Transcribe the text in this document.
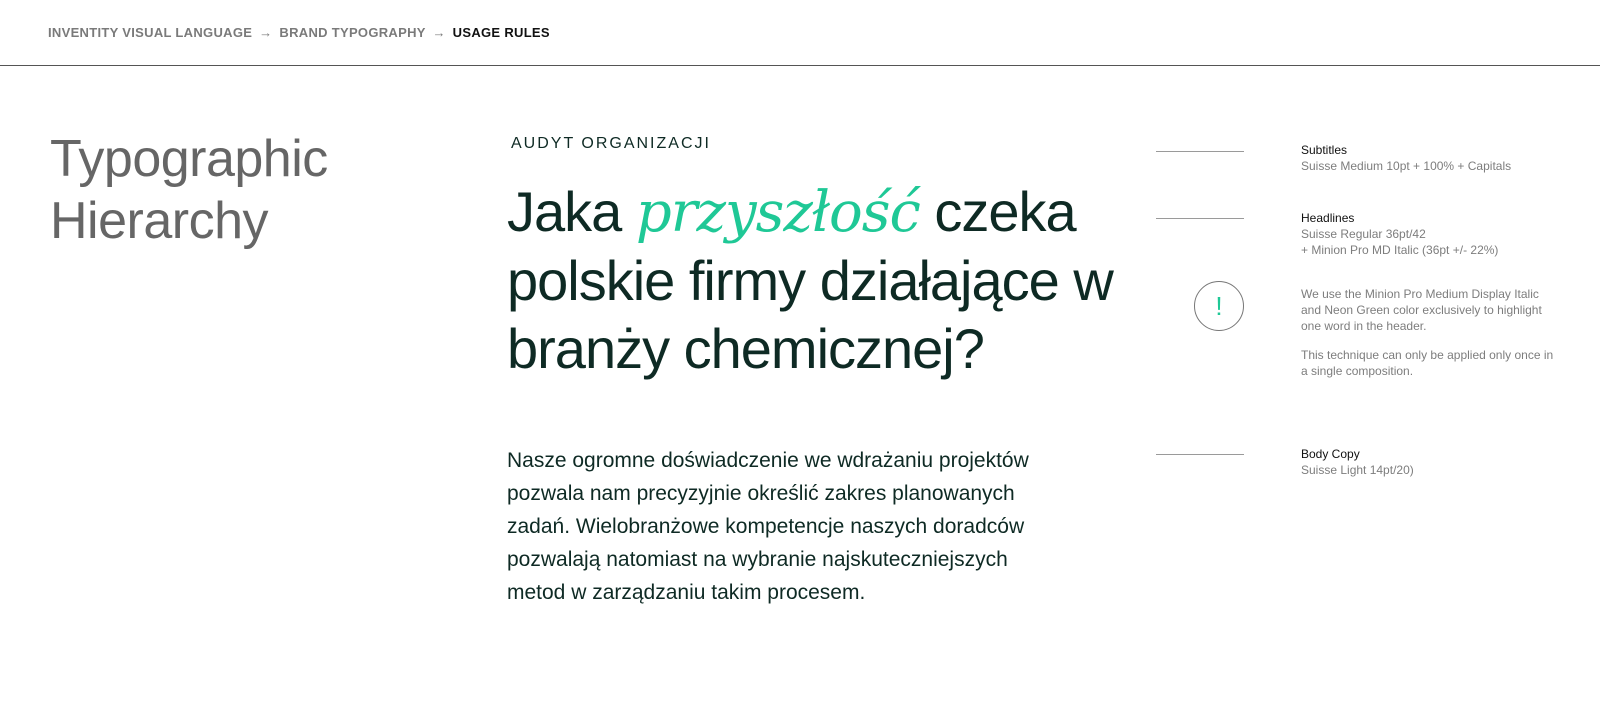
INVENTITY VISUAL LANGUAGE → BRAND TYPOGRAPHY → USAGE RULES
Typographic
Hierarchy
AUDYT ORGANIZACJI
Jaka przyszłość czeka polskie firmy działające w branży chemicznej?

Nasze ogromne doświadczenie we wdrażaniu projektów pozwala nam precyzyjnie określić zakres planowanych zadań. Wielobranżowe kompetencje naszych doradców pozwalają natomiast na wybranie najskuteczniejszych metod w zarządzaniu takim procesem.

!
Subtitles
Suisse Medium 10pt + 100% + Capitals
Headlines
Suisse Regular 36pt/42
+ Minion Pro MD Italic (36pt +/- 22%)

We use the Minion Pro Medium Display Italic and Neon Green color exclusively to highlight one word in the header.

This technique can only be applied only once in a single composition.

Body Copy
Suisse Light 14pt/20)
